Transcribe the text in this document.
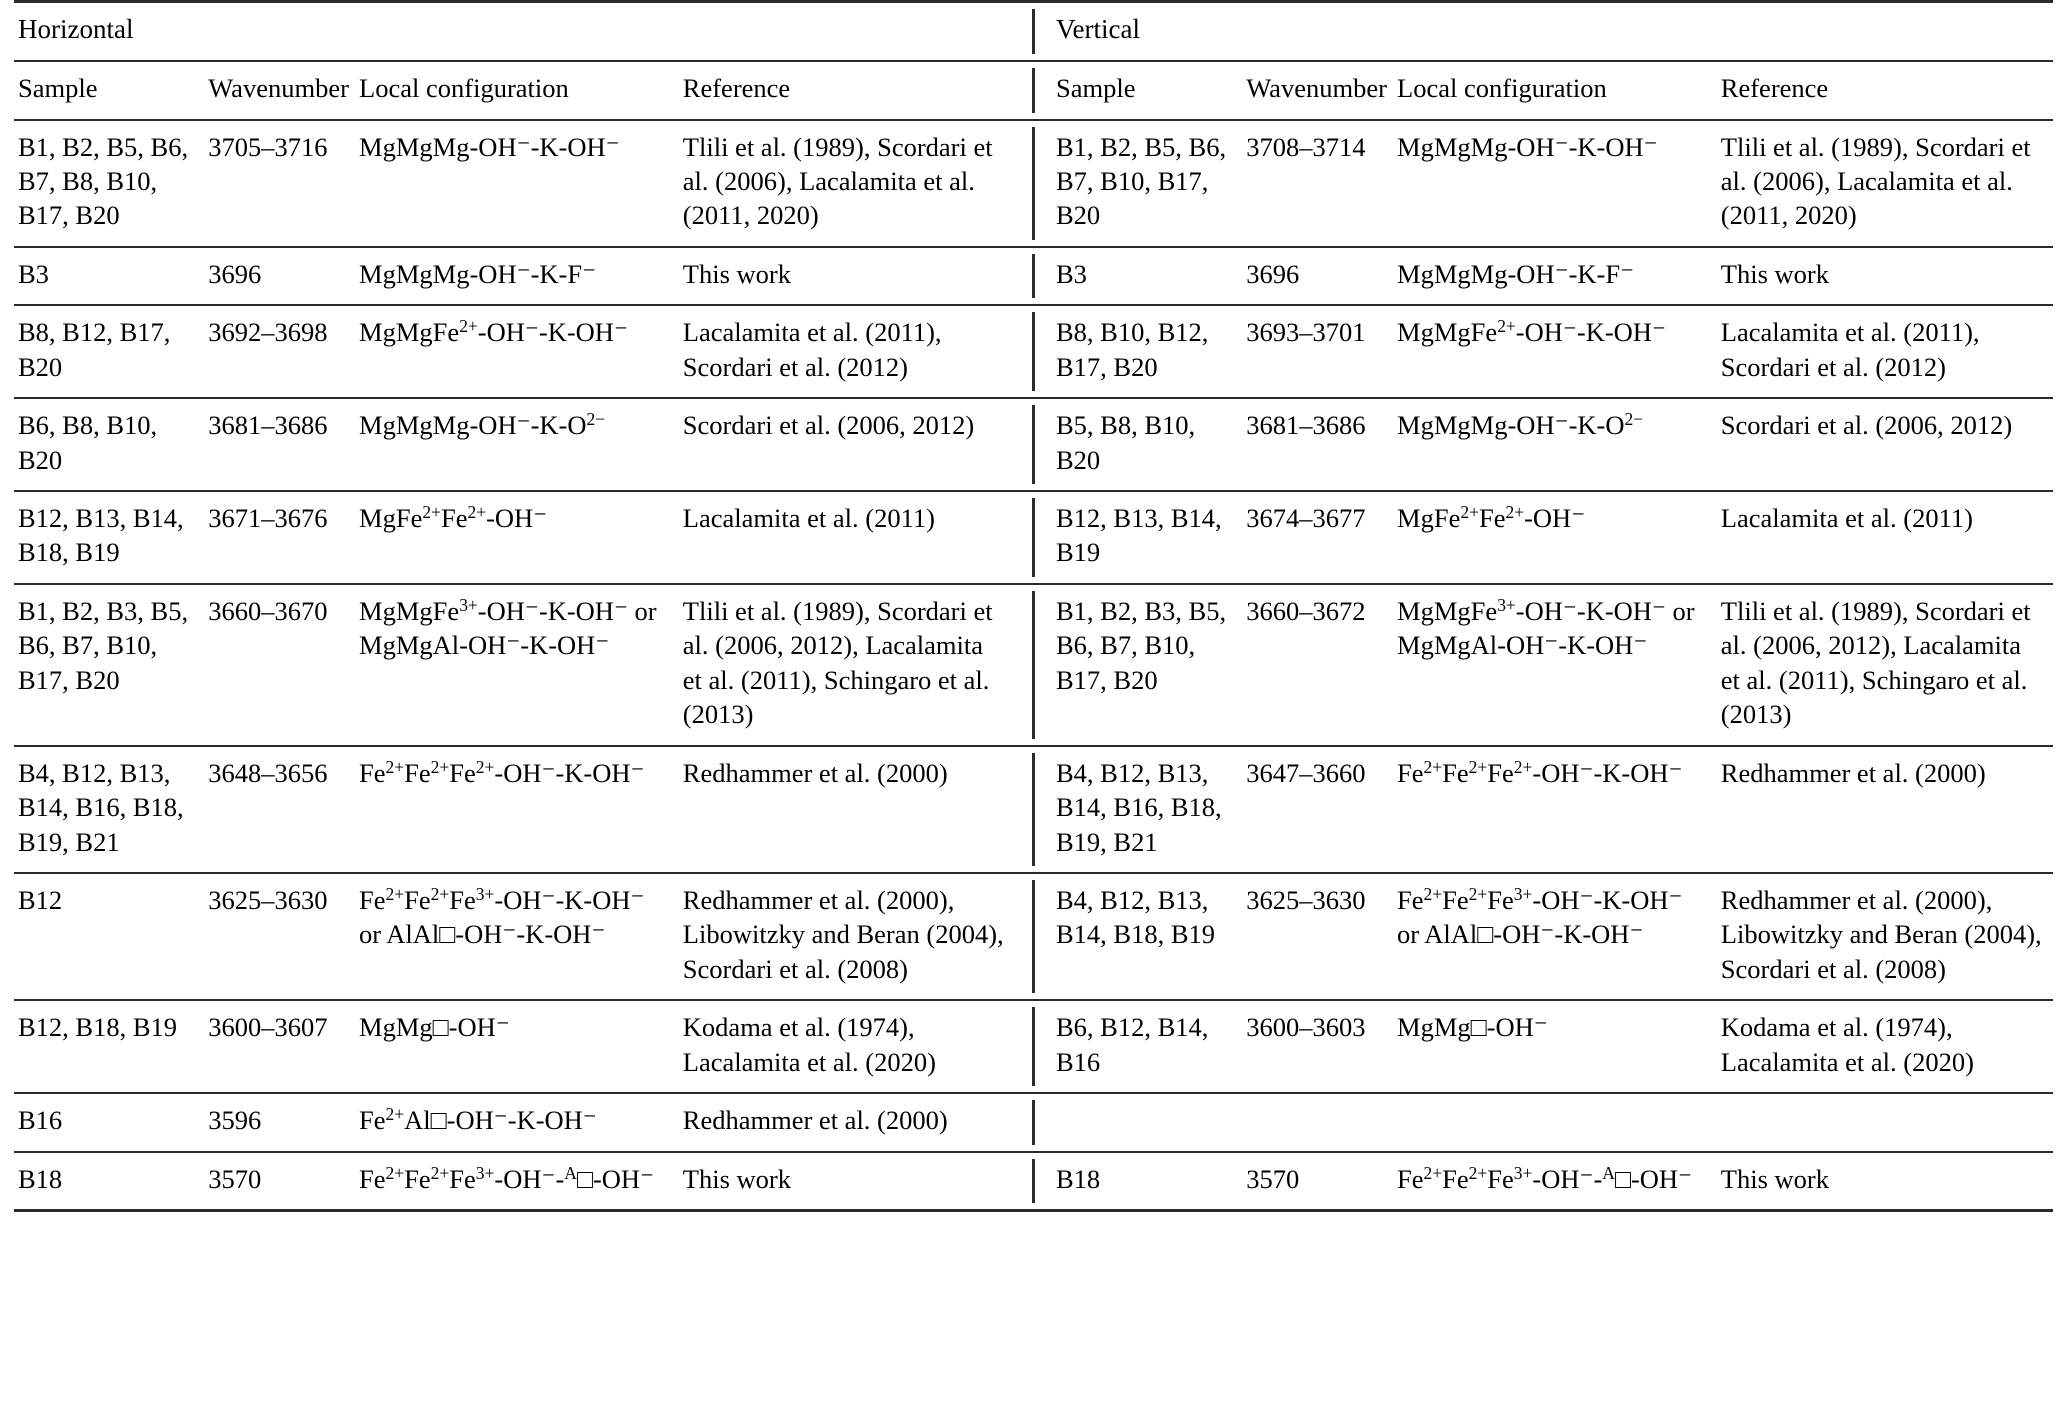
Horizontal					Vertical			
Sample	Wavenumber	Local configuration	Reference		Sample	Wavenumber	Local configuration	Reference
B1, B2, B5, B6, B7, B8, B10, B17, B20	3705–3716	MgMgMg-OH⁻-K-OH⁻	Tlili et al. (1989), Scordari et al. (2006), Lacalamita et al. (2011, 2020)		B1, B2, B5, B6, B7, B10, B17, B20	3708–3714	MgMgMg-OH⁻-K-OH⁻	Tlili et al. (1989), Scordari et al. (2006), Lacalamita et al. (2011, 2020)
B3	3696	MgMgMg-OH⁻-K-F⁻	This work		B3	3696	MgMgMg-OH⁻-K-F⁻	This work
B8, B12, B17, B20	3692–3698	MgMgFe$^{2+}$-OH⁻-K-OH⁻	Lacalamita et al. (2011), Scordari et al. (2012)		B8, B10, B12, B17, B20	3693–3701	MgMgFe$^{2+}$-OH⁻-K-OH⁻	Lacalamita et al. (2011), Scordari et al. (2012)
B6, B8, B10, B20	3681–3686	MgMgMg-$OH^--K-O^{2-}$	Scordari et al. (2006, 2012)		B5, B8, B10, B20	3681–3686	MgMgMg-$OH^--K-O^{2-}$	Scordari et al. (2006, 2012)
B12, B13, B14, B18, B19	3671–3676	$MgFe^{2+}Fe^{2+}-OH^-$	Lacalamita et al. (2011)		B12, B13, B14, B19	3674–3677	$MgFe^{2+}Fe^{2+}-OH^-$	Lacalamita et al. (2011)
B1, B2, B3, B5, B6, B7, B10, B17, B20	3660–3670	MgMgFe$^{3+}$-OH⁻-K-OH⁻ or MgMgAl-OH⁻-K-OH⁻	Tlili et al. (1989), Scordari et al. (2006, 2012), Lacalamita et al. (2011), Schingaro et al. (2013)		B1, B2, B3, B5, B6, B7, B10, B17, B20	3660–3672	MgMgFe$^{3+}$-OH⁻-K-OH⁻ or MgMgAl-OH⁻-K-OH⁻	Tlili et al. (1989), Scordari et al. (2006, 2012), Lacalamita et al. (2011), Schingaro et al. (2013)
B4, B12, B13, B14, B16, B18, B19, B21	3648–3656	$Fe^{2+}Fe^{2+}Fe^{2+}-OH^--K-OH^-$	Redhammer et al. (2000)		B4, B12, B13, B14, B16, B18, B19, B21	3647–3660	$Fe^{2+}Fe^{2+}Fe^{2+}-OH^--K-OH^-$	Redhammer et al. (2000)
B12	3625–3630	$Fe^{2+}Fe^{2+}Fe^{3+}-OH^--K-OH^-$ or AlAl□-OH⁻-K-OH⁻	Redhammer et al. (2000), Libowitzky and Beran (2004), Scordari et al. (2008)		B4, B12, B13, B14, B18, B19	3625–3630	$Fe^{2+}Fe^{2+}Fe^{3+}-OH^--K-OH^-$ or AlAl□-OH⁻-K-OH⁻	Redhammer et al. (2000), Libowitzky and Beran (2004), Scordari et al. (2008)
B12, B18, B19	3600–3607	MgMg□-OH⁻	Kodama et al. (1974), Lacalamita et al. (2020)		B6, B12, B14, B16	3600–3603	MgMg□-OH⁻	Kodama et al. (1974), Lacalamita et al. (2020)
B16	3596	$Fe^{2+}Al□-OH^--K-OH^-$	Redhammer et al. (2000)	

B18	3570	$Fe^{2+}Fe^{2+}Fe^{3+}-OH^--^A□-OH^-$	This work		B18	3570	$Fe^{2+}Fe^{2+}Fe^{3+}-OH^--^A□-OH^-$	This work
